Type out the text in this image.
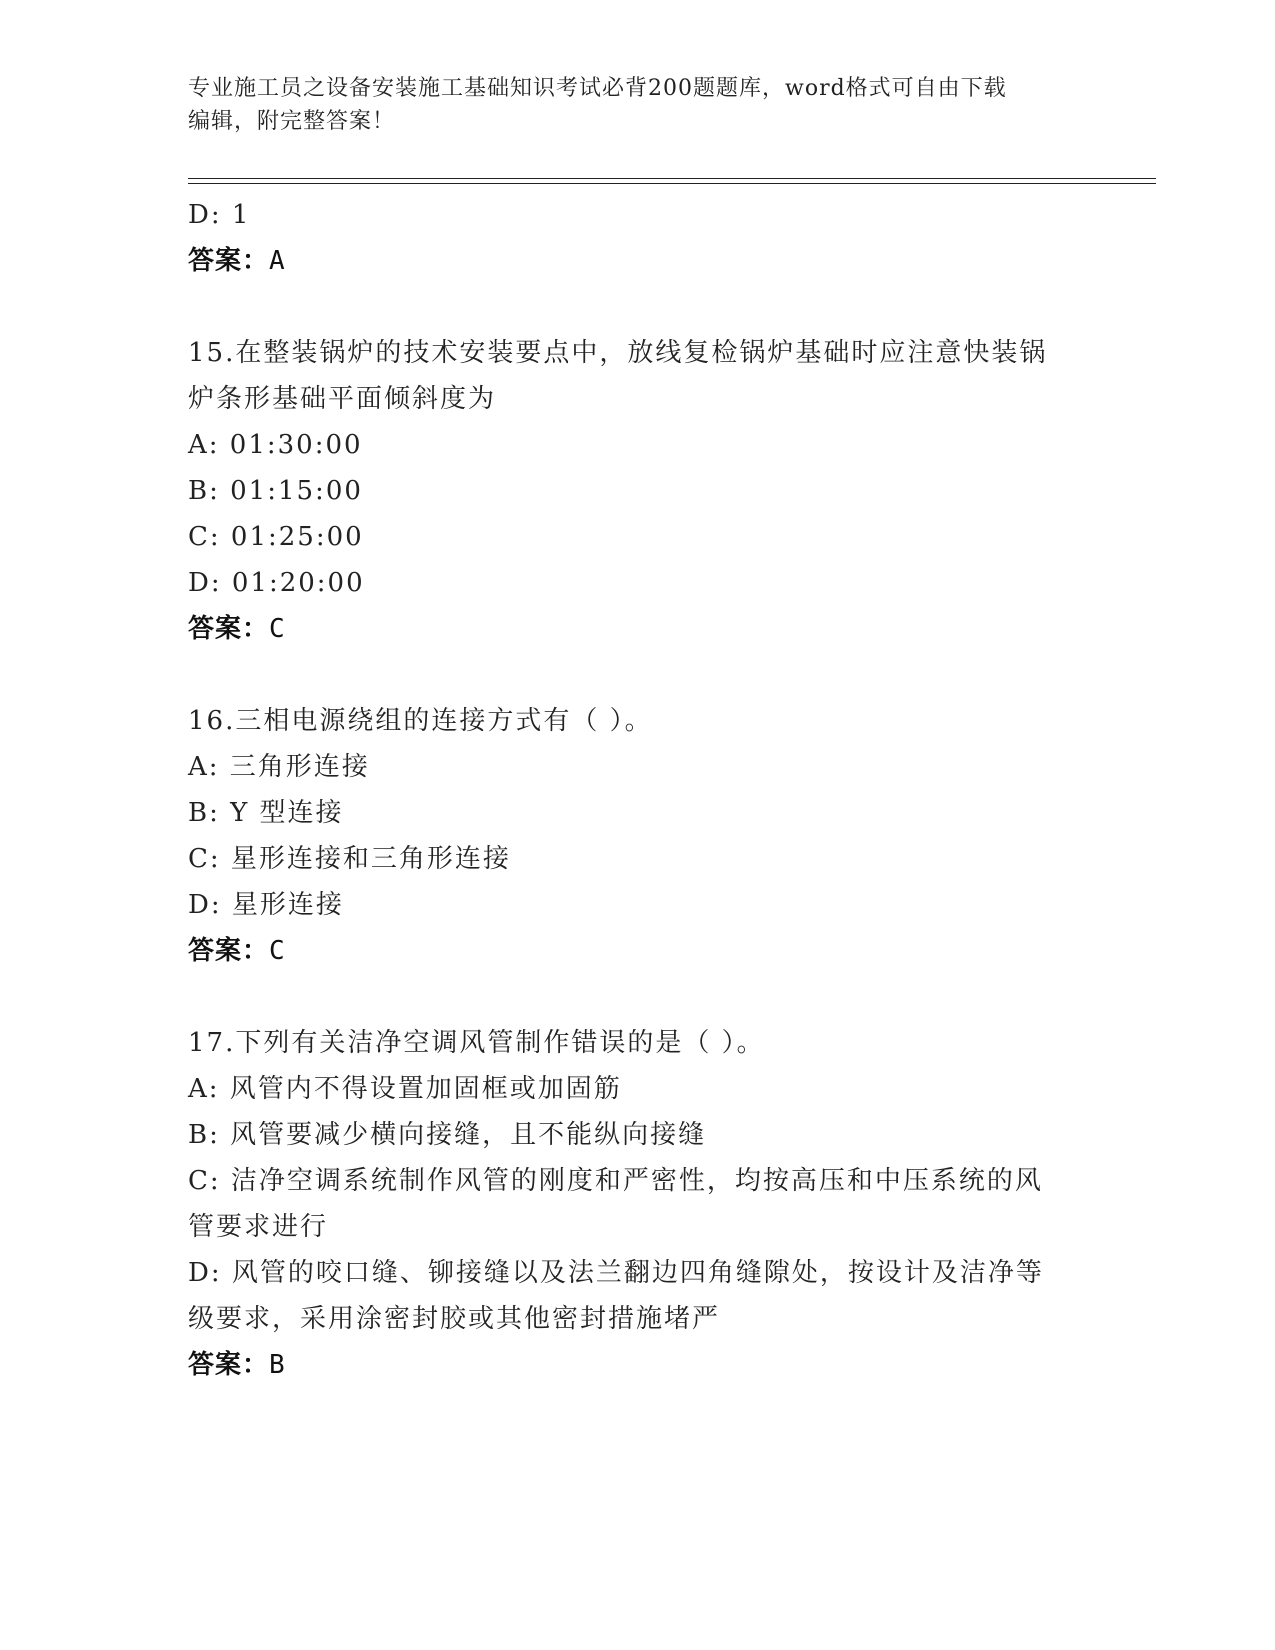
专业施工员之设备安装施工基础知识考试必背200题题库，word格式可自由下载
编辑，附完整答案！
D: 1
答案：A
15.在整装锅炉的技术安装要点中，放线复检锅炉基础时应注意快装锅
炉条形基础平面倾斜度为
A: 01:30:00
B: 01:15:00
C: 01:25:00
D: 01:20:00
答案：C
16.三相电源绕组的连接方式有（ ）。
A: 三角形连接
B: Y 型连接
C: 星形连接和三角形连接
D: 星形连接
答案：C
17.下列有关洁净空调风管制作错误的是（ ）。
A: 风管内不得设置加固框或加固筋
B: 风管要减少横向接缝，且不能纵向接缝
C: 洁净空调系统制作风管的刚度和严密性，均按高压和中压系统的风
管要求进行
D: 风管的咬口缝、铆接缝以及法兰翻边四角缝隙处，按设计及洁净等
级要求，采用涂密封胶或其他密封措施堵严
答案：B
